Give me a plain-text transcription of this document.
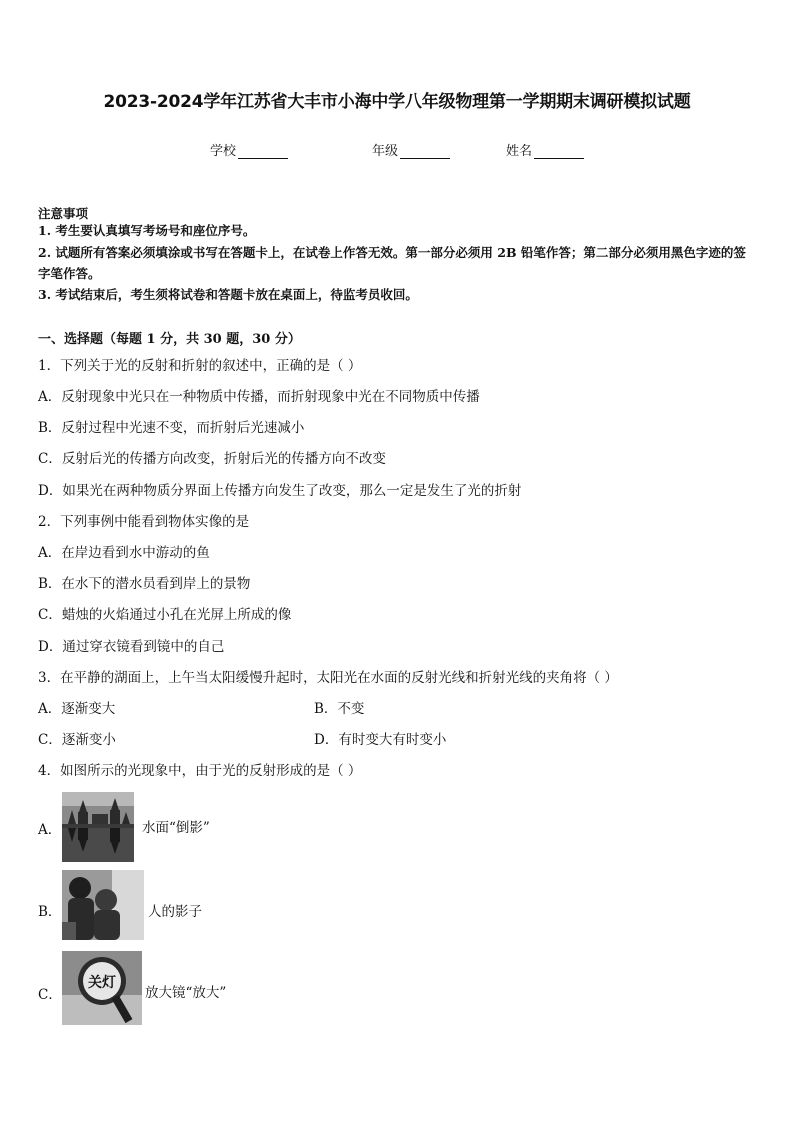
2023-2024学年江苏省大丰市小海中学八年级物理第一学期期末调研模拟试题
学校	年级	姓名
注意事项
1. 考生要认真填写考场号和座位序号。
2. 试题所有答案必须填涂或书写在答题卡上，在试卷上作答无效。第一部分必须用 2B 铅笔作答；第二部分必须用黑色字迹的签字笔作答。
3. 考试结束后，考生须将试卷和答题卡放在桌面上，待监考员收回。
一、选择题（每题 1 分，共 30 题，30 分）
1．下列关于光的反射和折射的叙述中，正确的是（ ）
A．反射现象中光只在一种物质中传播，而折射现象中光在不同物质中传播
B．反射过程中光速不变，而折射后光速减小
C．反射后光的传播方向改变，折射后光的传播方向不改变
D．如果光在两种物质分界面上传播方向发生了改变，那么一定是发生了光的折射
2．下列事例中能看到物体实像的是
A．在岸边看到水中游动的鱼
B．在水下的潜水员看到岸上的景物
C．蜡烛的火焰通过小孔在光屏上所成的像
D．通过穿衣镜看到镜中的自己
3．在平静的湖面上，上午当太阳缓慢升起时，太阳光在水面的反射光线和折射光线的夹角将（ ）
A．逐渐变大	B．不变
C．逐渐变小	D．有时变大有时变小
4．如图所示的光现象中，由于光的反射形成的是（ ）
A．	水面“倒影”
B．	人的影子
C．
关灯
放大镜“放大”
